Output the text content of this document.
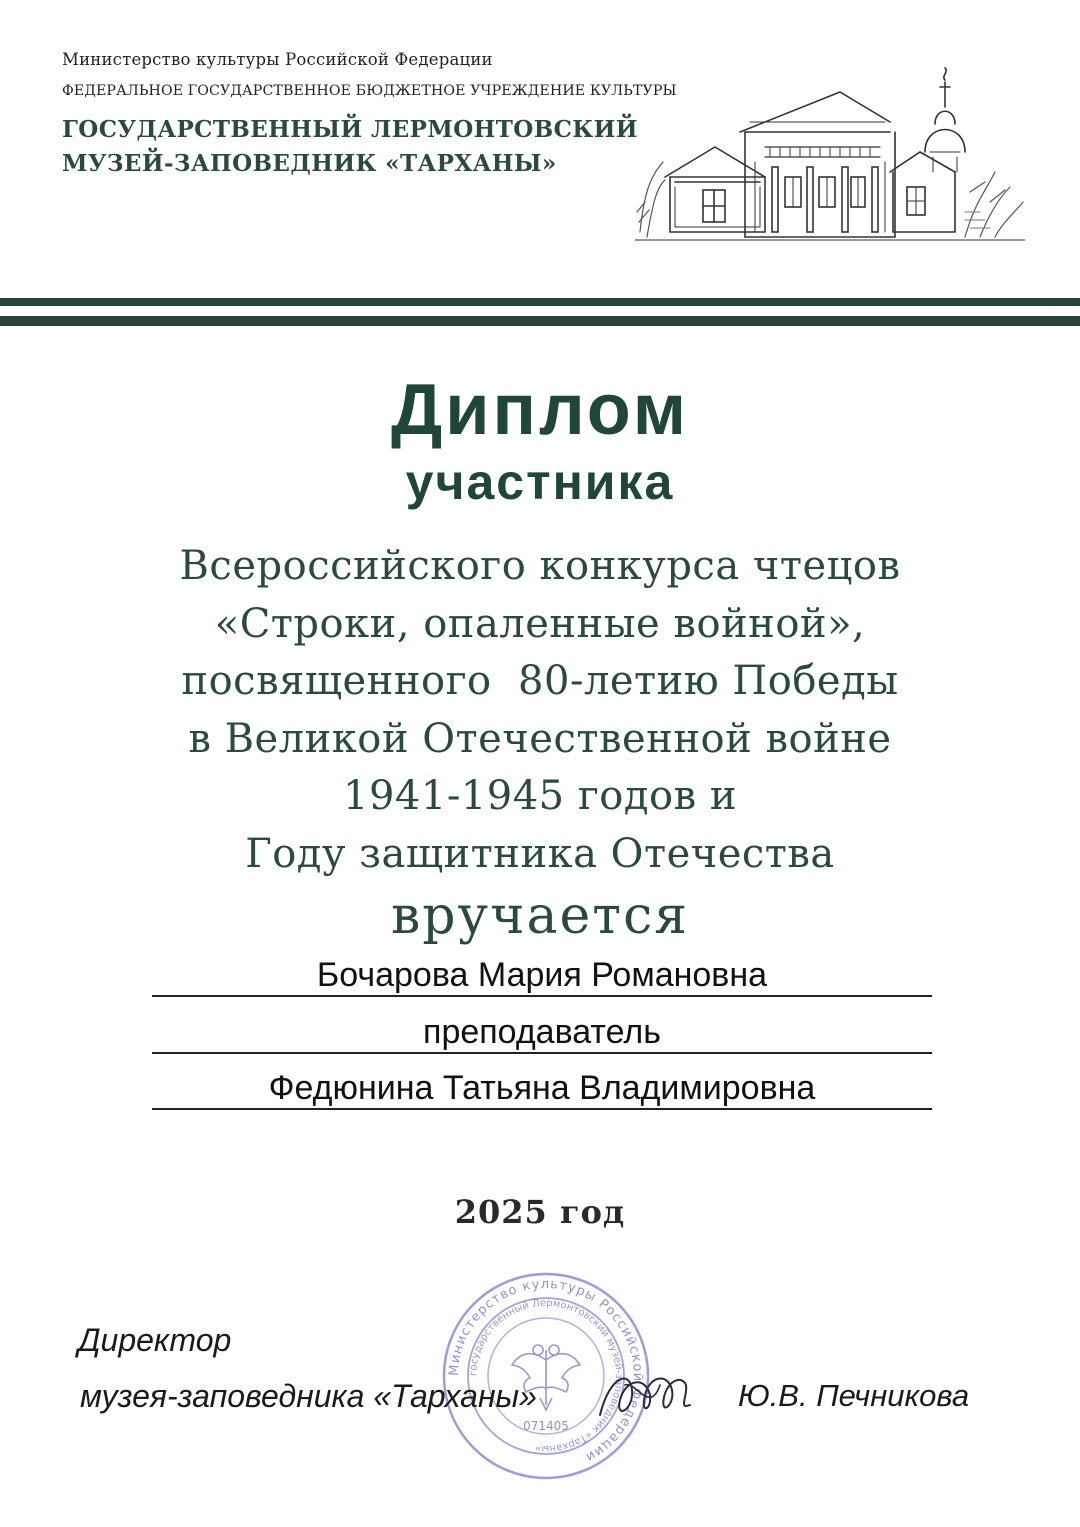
Министерство культуры Российской Федерации
ФЕДЕРАЛЬНОЕ ГОСУДАРСТВЕННОЕ БЮДЖЕТНОЕ УЧРЕЖДЕНИЕ КУЛЬТУРЫ
ГОСУДАРСТВЕННЫЙ ЛЕРМОНТОВСКИЙ
МУЗЕЙ-ЗАПОВЕДНИК «ТАРХАНЫ»
Диплом
участника
Всероссийского конкурса чтецов
«Строки, опаленные войной»,
посвященного  80-летию Победы
в Великой Отечественной войне
1941-1945 годов и
Году защитника Отечества
вручается
Бочарова Мария Романовна
преподаватель
Федюнина Татьяна Владимировна
2025 год
Министерство культуры Российской Федерации
государственный Лермонтовский музей-заповедник «Тарханы»
071405
Директор
музея-заповедника «Тарханы»	Ю.В. Печникова
